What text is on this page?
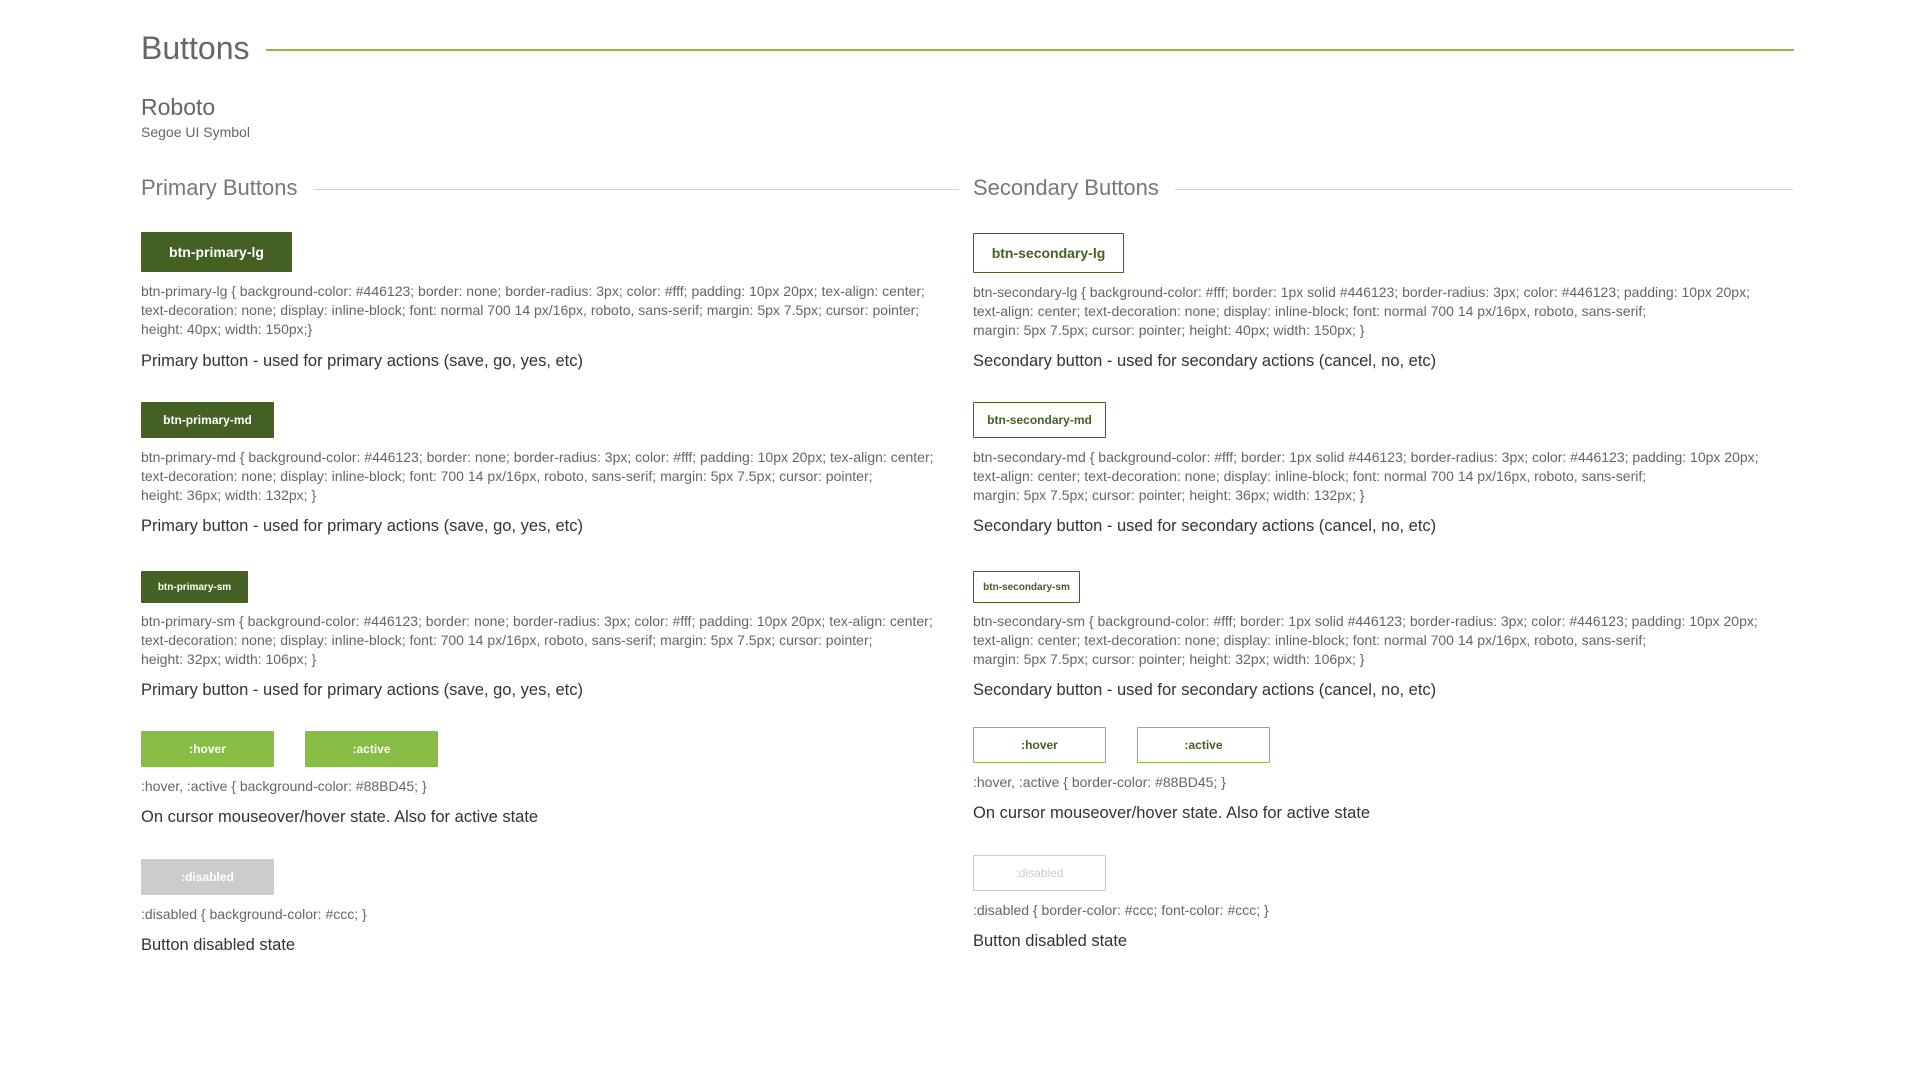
Buttons
Roboto
Segoe UI Symbol
Primary Buttons
btn-primary-lg

btn-primary-lg { background-color: #446123; border: none; border-radius: 3px; color: #fff; padding: 10px 20px; tex-align: center;
text-decoration: none; display: inline-block; font: normal 700 14 px/16px, roboto, sans-serif; margin: 5px 7.5px; cursor: pointer;
height: 40px; width: 150px;}

Primary button - used for primary actions (save, go, yes, etc)

btn-primary-md

btn-primary-md { background-color: #446123; border: none; border-radius: 3px; color: #fff; padding: 10px 20px; tex-align: center;
text-decoration: none; display: inline-block; font: 700 14 px/16px, roboto, sans-serif; margin: 5px 7.5px; cursor: pointer;
height: 36px; width: 132px; }

Primary button - used for primary actions (save, go, yes, etc)

btn-primary-sm

btn-primary-sm { background-color: #446123; border: none; border-radius: 3px; color: #fff; padding: 10px 20px; tex-align: center;
text-decoration: none; display: inline-block; font: 700 14 px/16px, roboto, sans-serif; margin: 5px 7.5px; cursor: pointer;
height: 32px; width: 106px; }

Primary button - used for primary actions (save, go, yes, etc)

:hover	:active

:hover, :active { background-color: #88BD45; }

On cursor mouseover/hover state. Also for active state

:disabled

:disabled { background-color: #ccc; }

Button disabled state

Secondary Buttons
btn-secondary-lg

btn-secondary-lg { background-color: #fff; border: 1px solid #446123; border-radius: 3px; color: #446123; padding: 10px 20px;
text-align: center; text-decoration: none; display: inline-block; font: normal 700 14 px/16px, roboto, sans-serif;
margin: 5px 7.5px; cursor: pointer; height: 40px; width: 150px; }

Secondary button - used for secondary actions (cancel, no, etc)

btn-secondary-md

btn-secondary-md { background-color: #fff; border: 1px solid #446123; border-radius: 3px; color: #446123; padding: 10px 20px;
text-align: center; text-decoration: none; display: inline-block; font: normal 700 14 px/16px, roboto, sans-serif;
margin: 5px 7.5px; cursor: pointer; height: 36px; width: 132px; }

Secondary button - used for secondary actions (cancel, no, etc)

btn-secondary-sm

btn-secondary-sm { background-color: #fff; border: 1px solid #446123; border-radius: 3px; color: #446123; padding: 10px 20px;
text-align: center; text-decoration: none; display: inline-block; font: normal 700 14 px/16px, roboto, sans-serif;
margin: 5px 7.5px; cursor: pointer; height: 32px; width: 106px; }

Secondary button - used for secondary actions (cancel, no, etc)

:hover	:active

:hover, :active { border-color: #88BD45; }

On cursor mouseover/hover state. Also for active state

:disabled

:disabled { border-color: #ccc; font-color: #ccc; }

Button disabled state
